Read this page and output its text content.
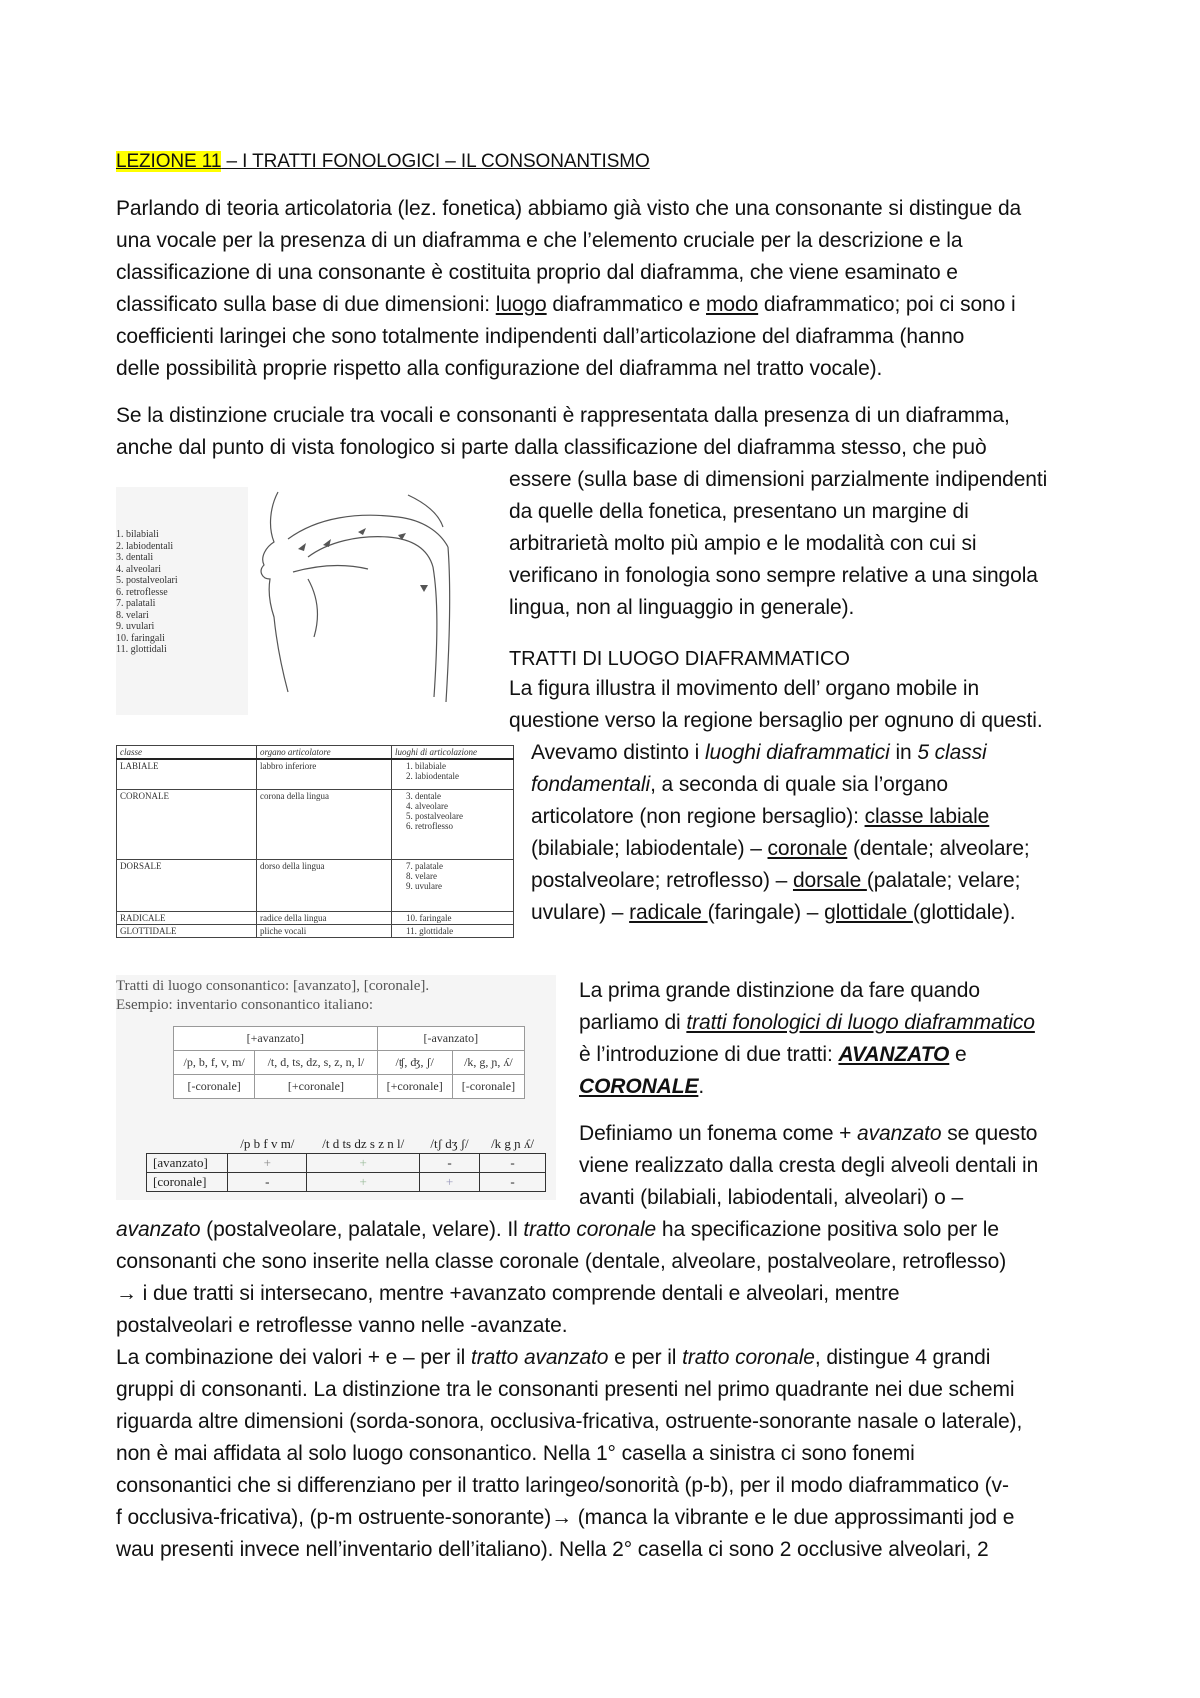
LEZIONE 11 – I TRATTI FONOLOGICI – IL CONSONANTISMO
Parlando di teoria articolatoria (lez. fonetica) abbiamo già visto che una consonante si distingue da
una vocale per la presenza di un diaframma e che l’elemento cruciale per la descrizione e la
classificazione di una consonante è costituita proprio dal diaframma, che viene esaminato e
classificato sulla base di due dimensioni: luogo diaframmatico e modo diaframmatico; poi ci sono i
coefficienti laringei che sono totalmente indipendenti dall’articolazione del diaframma (hanno
delle possibilità proprie rispetto alla configurazione del diaframma nel tratto vocale).
Se la distinzione cruciale tra vocali e consonanti è rappresentata dalla presenza di un diaframma,
anche dal punto di vista fonologico si parte dalla classificazione del diaframma stesso, che può
essere (sulla base di dimensioni parzialmente indipendenti
da quelle della fonetica, presentano un margine di
arbitrarietà molto più ampio e le modalità con cui si
verificano in fonologia sono sempre relative a una singola
lingua, non al linguaggio in generale).
TRATTI DI LUOGO DIAFRAMMATICO
La figura illustra il movimento dell’ organo mobile in
questione verso la regione bersaglio per ognuno di questi.
Avevamo distinto i luoghi diaframmatici in 5 classi
fondamentali, a seconda di quale sia l’organo
articolatore (non regione bersaglio): classe labiale
(bilabiale; labiodentale) – coronale (dentale; alveolare;
postalveolare; retroflesso) – dorsale (palatale; velare;
uvulare) – radicale (faringale) – glottidale (glottidale).
La prima grande distinzione da fare quando
parliamo di tratti fonologici di luogo diaframmatico
è l’introduzione di due tratti: AVANZATO e
CORONALE.
Definiamo un fonema come + avanzato se questo
viene realizzato dalla cresta degli alveoli dentali in
avanti (bilabiali, labiodentali, alveolari) o –
avanzato (postalveolare, palatale, velare). Il tratto coronale ha specificazione positiva solo per le
consonanti che sono inserite nella classe coronale (dentale, alveolare, postalveolare, retroflesso)
→ i due tratti si intersecano, mentre +avanzato comprende dentali e alveolari, mentre
postalveolari e retroflesse vanno nelle -avanzate.
La combinazione dei valori + e – per il tratto avanzato e per il tratto coronale, distingue 4 grandi
gruppi di consonanti. La distinzione tra le consonanti presenti nel primo quadrante nei due schemi
riguarda altre dimensioni (sorda-sonora, occlusiva-fricativa, ostruente-sonorante nasale o laterale),
non è mai affidata al solo luogo consonantico. Nella 1° casella a sinistra ci sono fonemi
consonantici che si differenziano per il tratto laringeo/sonorità (p-b), per il modo diaframmatico (v-
f occlusiva-fricativa), (p-m ostruente-sonorante)→ (manca la vibrante e le due approssimanti jod e
wau presenti invece nell’inventario dell’italiano). Nella 2° casella ci sono 2 occlusive alveolari, 2
1. bilabiali
2. labiodentali
3. dentali
4. alveolari
5. postalveolari
6. retroflesse
7. palatali
8. velari
9. uvulari
10. faringali
11. glottidali
classe	organo articolatore	luoghi di articolazione
LABIALE	labbro inferiore	1. bilabiale
2. labiodentale
CORONALE	corona della lingua	3. dentale
4. alveolare
5. postalveolare
6. retroflesso
DORSALE	dorso della lingua	7. palatale
8. velare
9. uvulare
RADICALE	radice della lingua	10. faringale
GLOTTIDALE	pliche vocali	11. glottidale
Tratti di luogo consonantico: [avanzato], [coronale].
Esempio: inventario consonantico italiano:
[+avanzato]		[-avanzato]	
/p, b, f, v, m/	/t, d, ts, dz, s, z, n, l/	/ʧ, ʤ, ʃ/	/k, g, ɲ, ʎ/
[-coronale]	[+coronale]	[+coronale]	[-coronale]
	/p b f v m/	/t d ts dz s z n l/	/tʃ dʒ ʃ/	/k g ɲ ʎ/
[avanzato]	+	+	-	-
[coronale]	-	+	+	-
